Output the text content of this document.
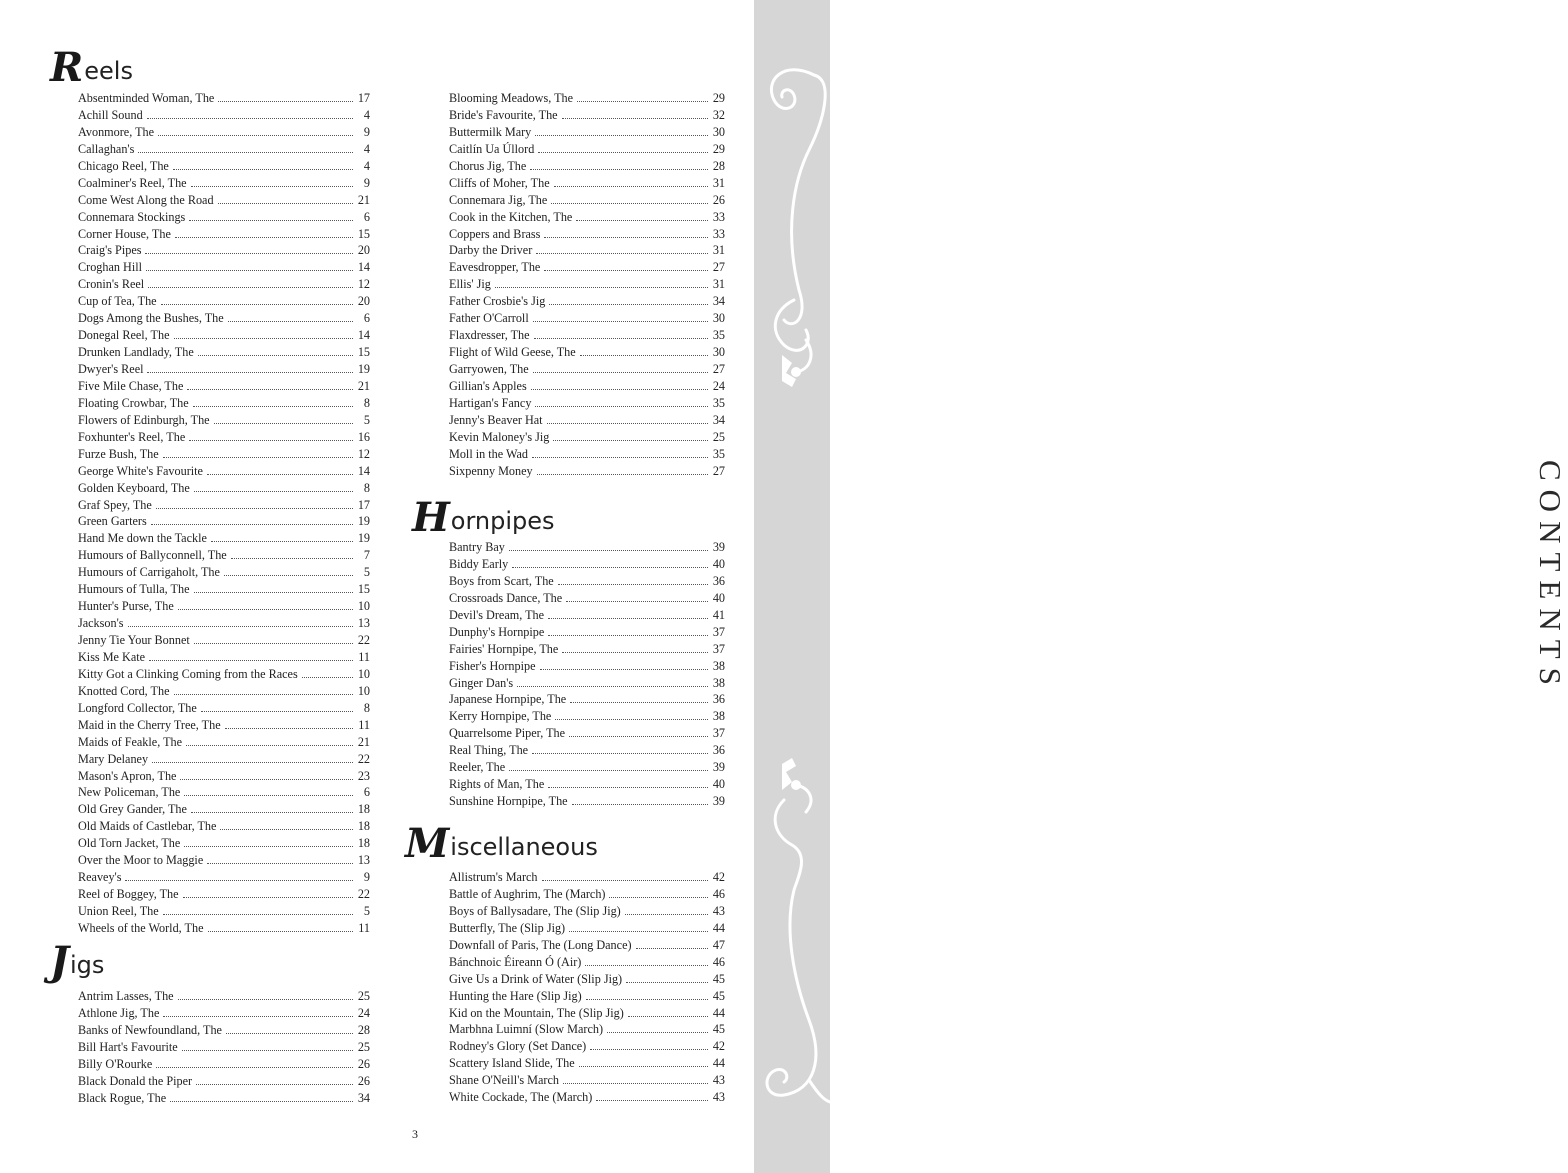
CONTENTS
R eels
Absentminded Woman, The	17
Achill Sound	4
Avonmore, The	9
Callaghan's	4
Chicago Reel, The	4
Coalminer's Reel, The	9
Come West Along the Road	21
Connemara Stockings	6
Corner House, The	15
Craig's Pipes	20
Croghan Hill	14
Cronin's Reel	12
Cup of Tea, The	20
Dogs Among the Bushes, The	6
Donegal Reel, The	14
Drunken Landlady, The	15
Dwyer's Reel	19
Five Mile Chase, The	21
Floating Crowbar, The	8
Flowers of Edinburgh, The	5
Foxhunter's Reel, The	16
Furze Bush, The	12
George White's Favourite	14
Golden Keyboard, The	8
Graf Spey, The	17
Green Garters	19
Hand Me down the Tackle	19
Humours of Ballyconnell, The	7
Humours of Carrigaholt, The	5
Humours of Tulla, The	15
Hunter's Purse, The	10
Jackson's	13
Jenny Tie Your Bonnet	22
Kiss Me Kate	11
Kitty Got a Clinking Coming from the Races	10
Knotted Cord, The	10
Longford Collector, The	8
Maid in the Cherry Tree, The	11
Maids of Feakle, The	21
Mary Delaney	22
Mason's Apron, The	23
New Policeman, The	6
Old Grey Gander, The	18
Old Maids of Castlebar, The	18
Old Torn Jacket, The	18
Over the Moor to Maggie	13
Reavey's	9
Reel of Boggey, The	22
Union Reel, The	5
Wheels of the World, The	11
J igs
Antrim Lasses, The	25
Athlone Jig, The	24
Banks of Newfoundland, The	28
Bill Hart's Favourite	25
Billy O'Rourke	26
Black Donald the Piper	26
Black Rogue, The	34
Blooming Meadows, The	29
Bride's Favourite, The	32
Buttermilk Mary	30
Caitlín Ua Úllord	29
Chorus Jig, The	28
Cliffs of Moher, The	31
Connemara Jig, The	26
Cook in the Kitchen, The	33
Coppers and Brass	33
Darby the Driver	31
Eavesdropper, The	27
Ellis' Jig	31
Father Crosbie's Jig	34
Father O'Carroll	30
Flaxdresser, The	35
Flight of Wild Geese, The	30
Garryowen, The	27
Gillian's Apples	24
Hartigan's Fancy	35
Jenny's Beaver Hat	34
Kevin Maloney's Jig	25
Moll in the Wad	35
Sixpenny Money	27
H ornpipes
Bantry Bay	39
Biddy Early	40
Boys from Scart, The	36
Crossroads Dance, The	40
Devil's Dream, The	41
Dunphy's Hornpipe	37
Fairies' Hornpipe, The	37
Fisher's Hornpipe	38
Ginger Dan's	38
Japanese Hornpipe, The	36
Kerry Hornpipe, The	38
Quarrelsome Piper, The	37
Real Thing, The	36
Reeler, The	39
Rights of Man, The	40
Sunshine Hornpipe, The	39
M iscellaneous
Allistrum's March	42
Battle of Aughrim, The (March)	46
Boys of Ballysadare, The (Slip Jig)	43
Butterfly, The (Slip Jig)	44
Downfall of Paris, The (Long Dance)	47
Bánchnoic Éireann Ó (Air)	46
Give Us a Drink of Water (Slip Jig)	45
Hunting the Hare (Slip Jig)	45
Kid on the Mountain, The (Slip Jig)	44
Marbhna Luimní (Slow March)	45
Rodney's Glory (Set Dance)	42
Scattery Island Slide, The	44
Shane O'Neill's March	43
White Cockade, The (March)	43
3
